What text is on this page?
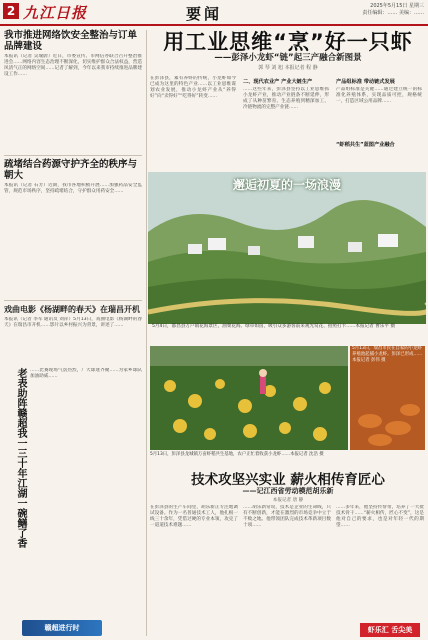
2 九江日报	要闻	2025年5月15日 星期三
责任编辑：…… 美编：……
我市推进网络饮安全整治与订单品牌建设
本报讯（记者 吴瑜蔚）近日，市委宣传、市网信办联合召开整治推进会……网络内容生态治理不断深化，切实维护群众合法权益，营造风清气正的网络空间……记者了解到，今年以来我市持续推进品牌建设工作……
疏堵结合药源守护齐全的秩序与朝大
本报讯（记者 石芳）近期，我市各地积极开展……加强药品安全监管，规范市场秩序，坚持疏堵结合，守护群众用药安全……
戏曲电影《杨湖畔的春天》在瑞昌开机
本报讯（记者 李军 通讯员 刘萍）5月13日，戏曲电影《杨湖畔的春天》在瑞昌市开机……影片以乡村振兴为背景，讲述了……
老表助阵赣超我一三十年江湖一碗鳝了香 ……比赛现场气氛热烈，广大球迷齐聚……为家乡球队加油助威……
赣超进行时
用工业思维“烹”好一只虾
——彭泽小龙虾“链”起三产融合新图景
郭 琴 刘 旭 本报记者 程 静
在彭泽县，素有养虾的传统，小龙虾如今已成为这里的特色产业……以工业思维谋划农业发展，推动小龙虾产业从“养得好”向“卖得好”“吃得好”转变……
二、现代农业产 产业大链生产
……这些年来，彭泽县坚持以工业思维抓小龙虾产业，推动产业链条不断延伸，形成了从种苗繁育、生态养殖到精深加工、冷链物流的完整产业链……
产品组标准 带动链式发展
产品组标准是关键……通过建立统一的标准化养殖体系，实现品质可控，规格统一，打造区域公用品牌……
“虾稻共生”蓝图产业融合
邂逅初夏的一场浪漫
5月4日，都昌县万户镇花海景区，油菜花海、绿草如茵，吸引众多游客前来观光赏花、拍照打卡……本报记者 曹乐平 摄
5月13日，彭泽县龙城镇万亩虾稻共生基地，农户正忙着收获小龙虾……本报记者 沈浩 摄
5月13日，瑞昌市民在自家的小龙虾养殖池起捕小龙虾。彭泽已形成……本报记者 彭伟 摄
技术攻坚兴实业 薪火相传育匠心
——记江西省劳动模范胡乐新
本报记者 唐 静
在彭泽县的生产车间里，胡乐新正专注地调试设备。作为一名普通技术工人，他扎根一线三十余年，凭借过硬的专业本领，攻克了一道道技术难题……
……胡乐新常说，技术是企业的生命线，只有不断创新，才能在激烈的市场竞争中立于不败之地。他带领团队完成技术革新项目数十项……
……多年来，他坚持传帮带，培养了一大批技术骨干……“薪火相传，匠心不变”，这是他对自己的要求，也是对年轻一代的期望……
虾乐汇 舌尖美
